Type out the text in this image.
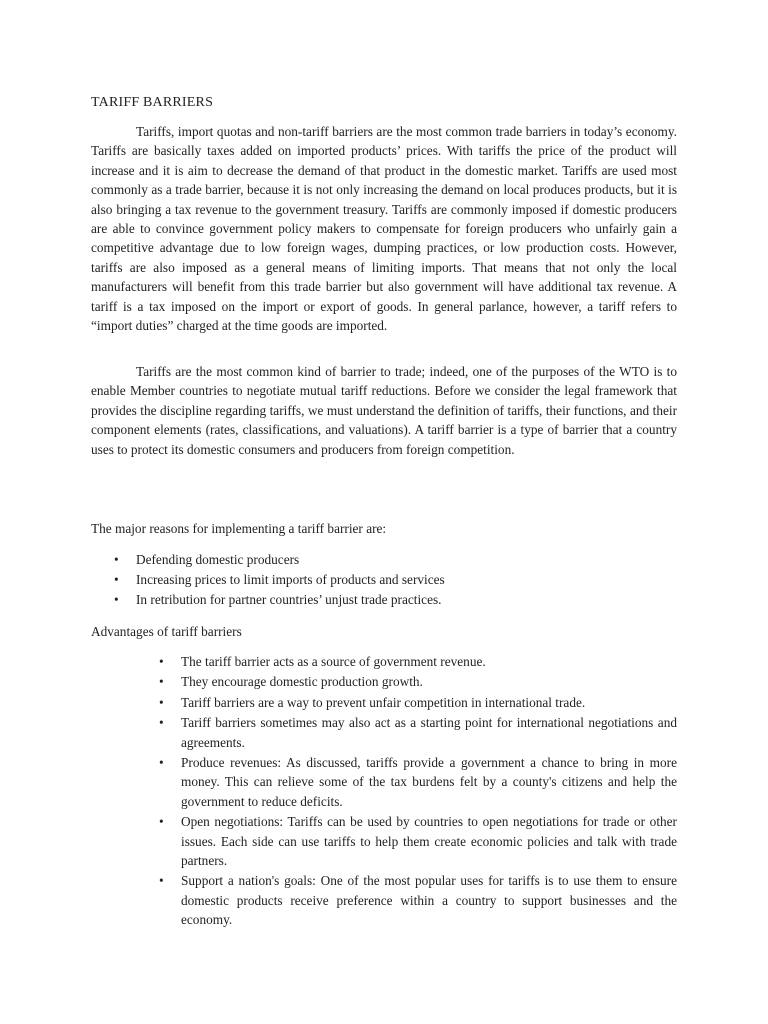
TARIFF BARRIERS

Tariffs, import quotas and non-tariff barriers are the most common trade barriers in today’s economy. Tariffs are basically taxes added on imported products’ prices. With tariffs the price of the product will increase and it is aim to decrease the demand of that product in the domestic market. Tariffs are used most commonly as a trade barrier, because it is not only increasing the demand on local produces products, but it is also bringing a tax revenue to the government treasury. Tariffs are commonly imposed if domestic producers are able to convince government policy makers to compensate for foreign producers who unfairly gain a competitive advantage due to low foreign wages, dumping practices, or low production costs. However, tariffs are also imposed as a general means of limiting imports. That means that not only the local manufacturers will benefit from this trade barrier but also government will have additional tax revenue. A tariff is a tax imposed on the import or export of goods. In general parlance, however, a tariff refers to “import duties” charged at the time goods are imported.

Tariffs are the most common kind of barrier to trade; indeed, one of the purposes of the WTO is to enable Member countries to negotiate mutual tariff reductions. Before we consider the legal framework that provides the discipline regarding tariffs, we must understand the definition of tariffs, their functions, and their component elements (rates, classifications, and valuations). A tariff barrier is a type of barrier that a country uses to protect its domestic consumers and producers from foreign competition.

The major reasons for implementing a tariff barrier are:

• Defending domestic producers
• Increasing prices to limit imports of products and services
• In retribution for partner countries’ unjust trade practices.

Advantages of tariff barriers

• The tariff barrier acts as a source of government revenue.
• They encourage domestic production growth.
• Tariff barriers are a way to prevent unfair competition in international trade.
• Tariff barriers sometimes may also act as a starting point for international negotiations and agreements.
• Produce revenues: As discussed, tariffs provide a government a chance to bring in more money. This can relieve some of the tax burdens felt by a county's citizens and help the government to reduce deficits.
• Open negotiations: Tariffs can be used by countries to open negotiations for trade or other issues. Each side can use tariffs to help them create economic policies and talk with trade partners.
• Support a nation's goals: One of the most popular uses for tariffs is to use them to ensure domestic products receive preference within a country to support businesses and the economy.
